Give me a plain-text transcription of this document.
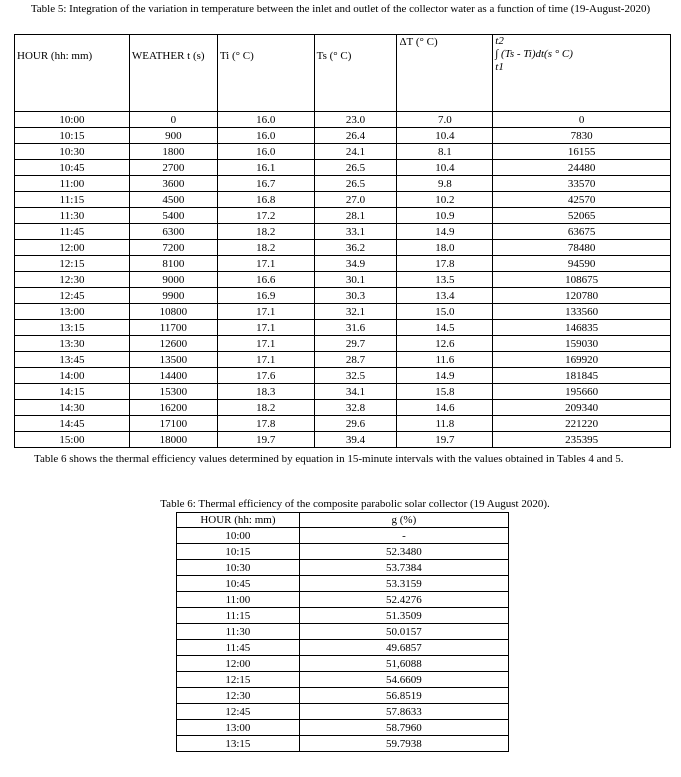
Table 5: Integration of the variation in temperature between the inlet and outlet of the collector water as a function of time (19-August-2020)
HOUR (hh: mm)	WEATHER t (s)	Ti (° C)	Ts (° C)	ΔT (° C)	t2
∫ (Ts - Ti)dt(s ° C)
t1

10:00	0	16.0	23.0	7.0	0
10:15	900	16.0	26.4	10.4	7830
10:30	1800	16.0	24.1	8.1	16155
10:45	2700	16.1	26.5	10.4	24480
11:00	3600	16.7	26.5	9.8	33570
11:15	4500	16.8	27.0	10.2	42570
11:30	5400	17.2	28.1	10.9	52065
11:45	6300	18.2	33.1	14.9	63675
12:00	7200	18.2	36.2	18.0	78480
12:15	8100	17.1	34.9	17.8	94590
12:30	9000	16.6	30.1	13.5	108675
12:45	9900	16.9	30.3	13.4	120780
13:00	10800	17.1	32.1	15.0	133560
13:15	11700	17.1	31.6	14.5	146835
13:30	12600	17.1	29.7	12.6	159030
13:45	13500	17.1	28.7	11.6	169920
14:00	14400	17.6	32.5	14.9	181845
14:15	15300	18.3	34.1	15.8	195660
14:30	16200	18.2	32.8	14.6	209340
14:45	17100	17.8	29.6	11.8	221220
15:00	18000	19.7	39.4	19.7	235395
Table 6 shows the thermal efficiency values determined by equation in 15-minute intervals with the values obtained in Tables 4 and 5.
Table 6: Thermal efficiency of the composite parabolic solar collector (19 August 2020).
HOUR (hh: mm)	g (%)
10:00	-
10:15	52.3480
10:30	53.7384
10:45	53.3159
11:00	52.4276
11:15	51.3509
11:30	50.0157
11:45	49.6857
12:00	51,6088
12:15	54.6609
12:30	56.8519
12:45	57.8633
13:00	58.7960
13:15	59.7938
